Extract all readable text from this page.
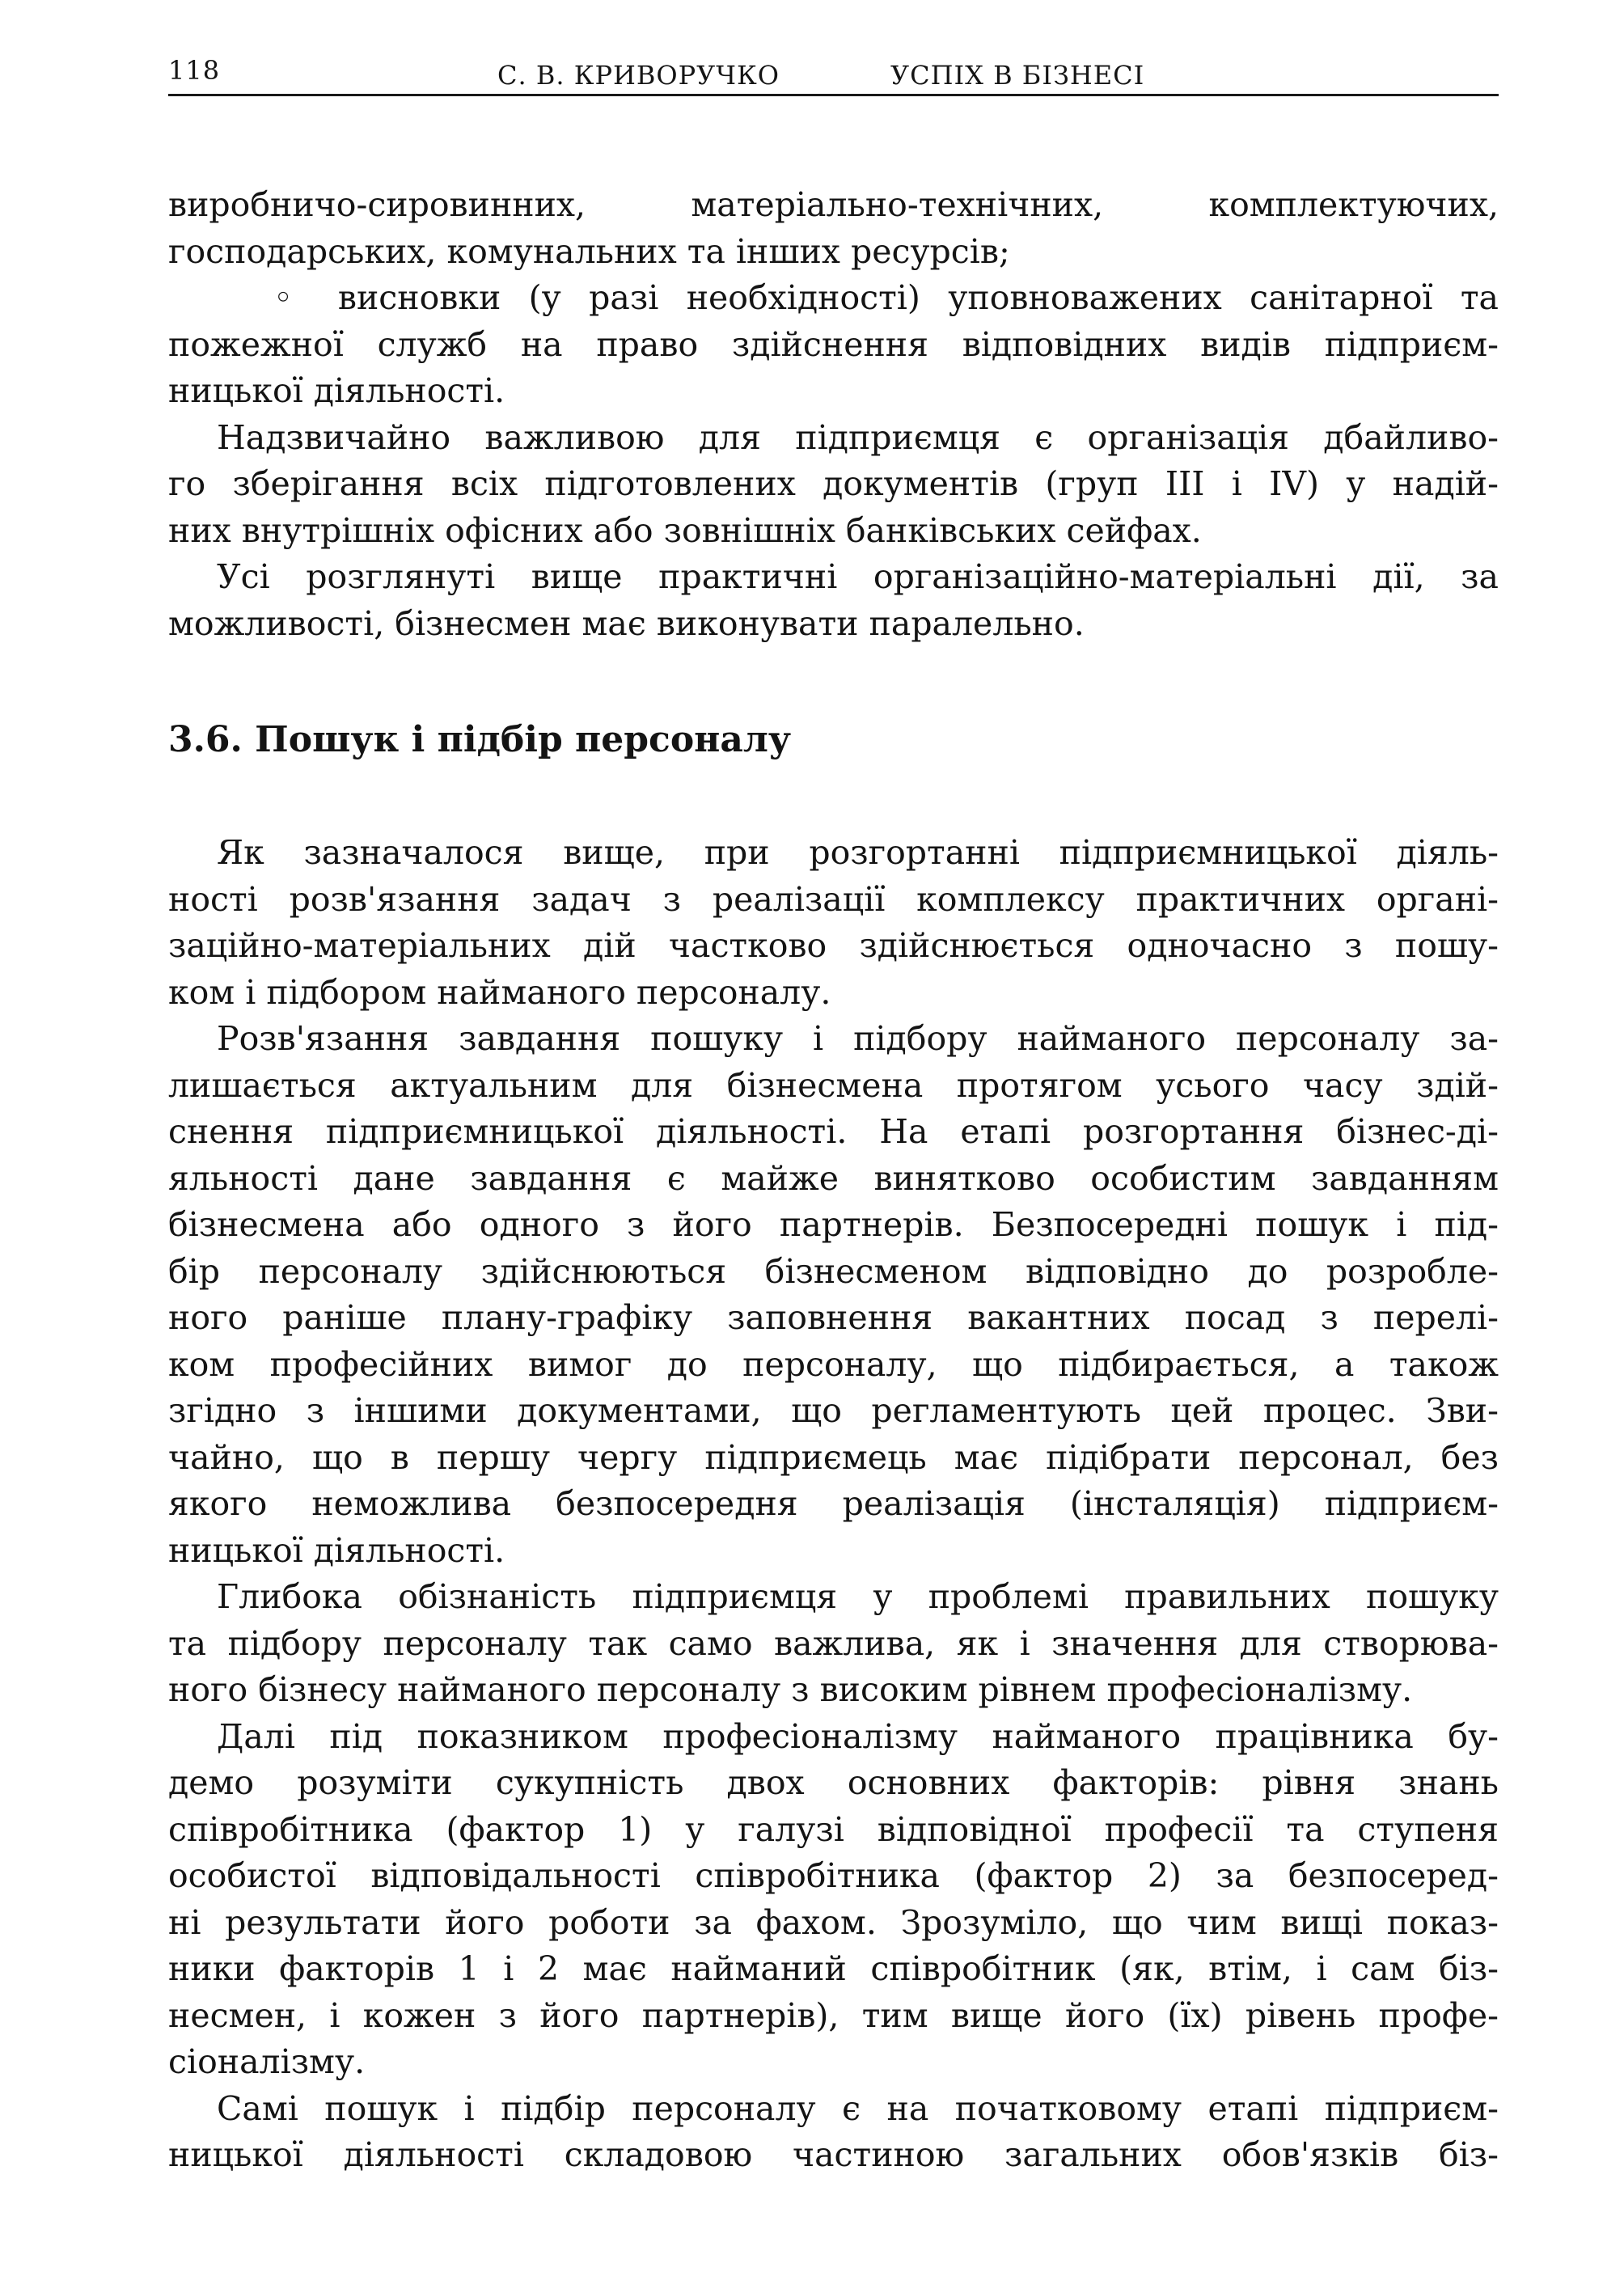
118	С. В. КРИВОРУЧКО	УСПІХ В БІЗНЕСІ
виробничо-сировинних, матеріально-технічних, комплектуючих,
господарських, комунальних та інших ресурсів;
◦ висновки (у разі необхідності) уповноважених санітарної та
пожежної служб на право здійснення відповідних видів підприєм-
ницької діяльності.
Надзвичайно важливою для підприємця є організація дбайливо-
го зберігання всіх підготовлених документів (груп ІІІ і ІV) у надій-
них внутрішніх офісних або зовнішніх банківських сейфах.
Усі розглянуті вище практичні організаційно-матеріальні дії, за
можливості, бізнесмен має виконувати паралельно.
3.6. Пошук і підбір персоналу
Як зазначалося вище, при розгортанні підприємницької діяль-
ності розв'язання задач з реалізації комплексу практичних органі-
заційно-матеріальних дій частково здійснюється одночасно з пошу-
ком і підбором найманого персоналу.
Розв'язання завдання пошуку і підбору найманого персоналу за-
лишається актуальним для бізнесмена протягом усього часу здій-
снення підприємницької діяльності. На етапі розгортання бізнес-ді-
яльності дане завдання є майже винятково особистим завданням
бізнесмена або одного з його партнерів. Безпосередні пошук і під-
бір персоналу здійснюються бізнесменом відповідно до розробле-
ного раніше плану-графіку заповнення вакантних посад з перелі-
ком професійних вимог до персоналу, що підбирається, а також
згідно з іншими документами, що регламентують цей процес. Зви-
чайно, що в першу чергу підприємець має підібрати персонал, без
якого неможлива безпосередня реалізація (інсталяція) підприєм-
ницької діяльності.
Глибока обізнаність підприємця у проблемі правильних пошуку
та підбору персоналу так само важлива, як і значення для створюва-
ного бізнесу найманого персоналу з високим рівнем професіоналізму.
Далі під показником професіоналізму найманого працівника бу-
демо розуміти сукупність двох основних факторів: рівня знань
співробітника (фактор 1) у галузі відповідної професії та ступеня
особистої відповідальності співробітника (фактор 2) за безпосеред-
ні результати його роботи за фахом. Зрозуміло, що чим вищі показ-
ники факторів 1 і 2 має найманий співробітник (як, втім, і сам біз-
несмен, і кожен з його партнерів), тим вище його (їх) рівень профе-
сіоналізму.
Самі пошук і підбір персоналу є на початковому етапі підприєм-
ницької діяльності складовою частиною загальних обов'язків біз-
